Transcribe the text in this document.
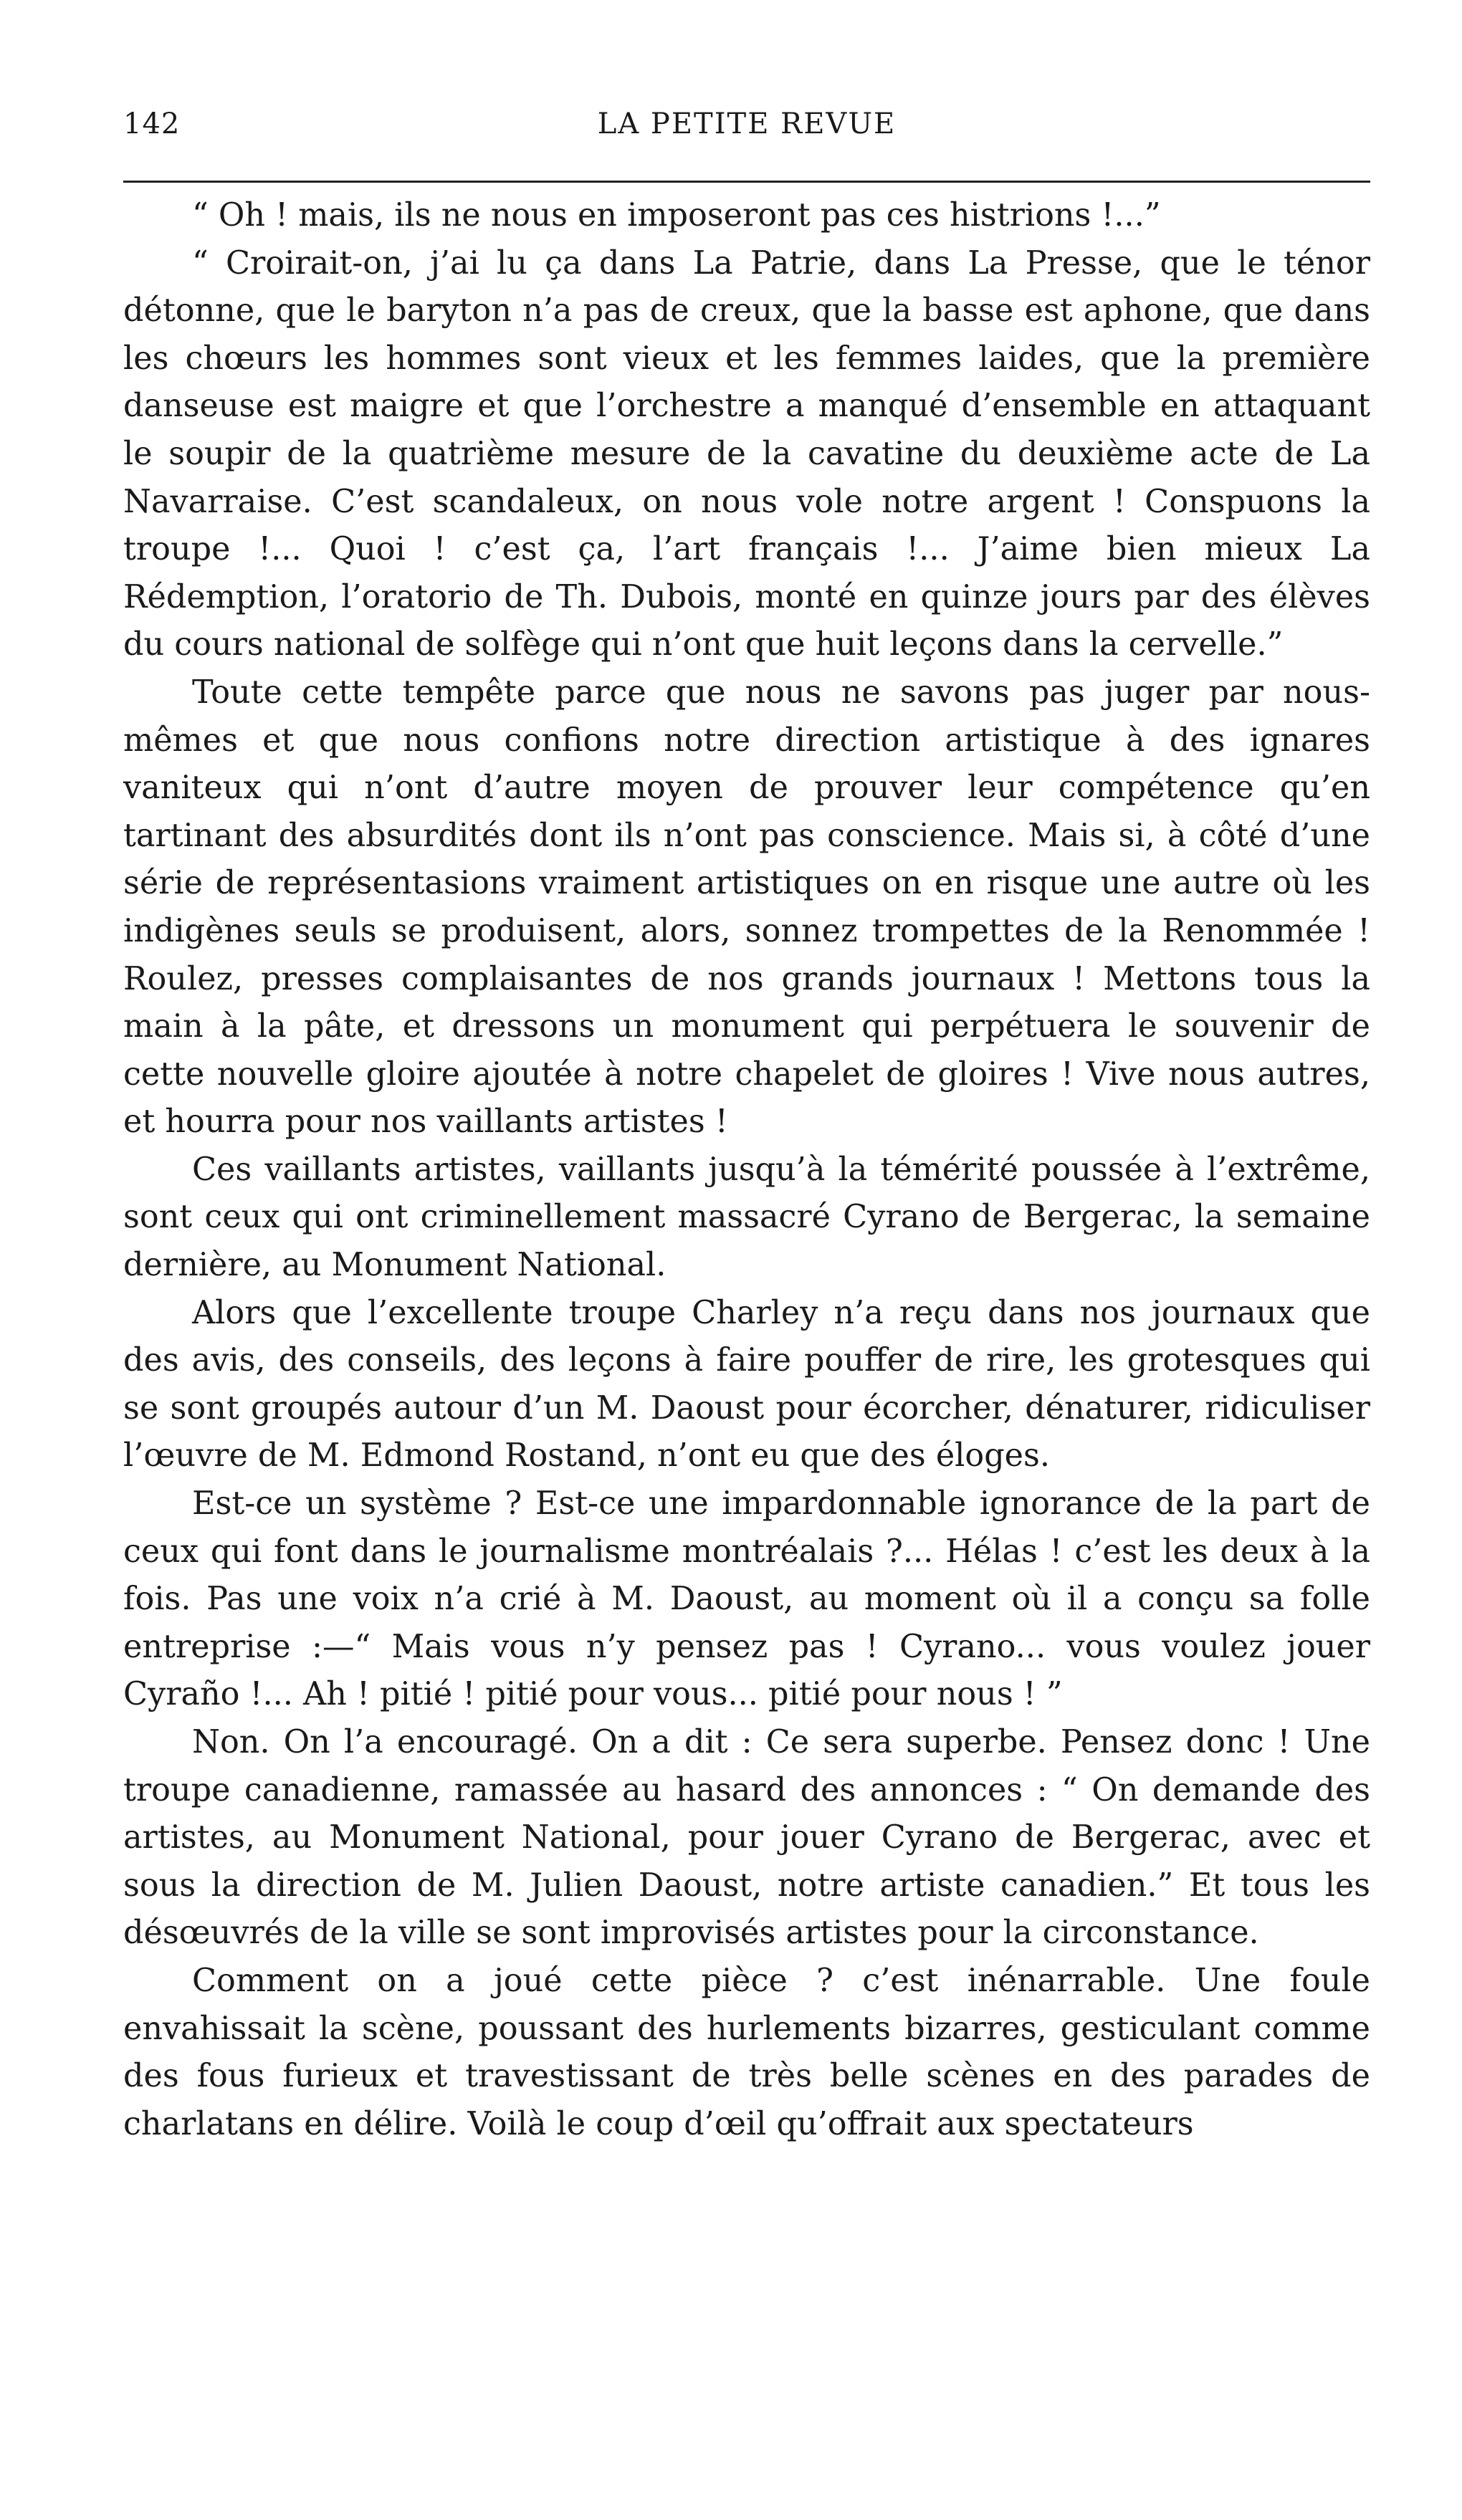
142	LA PETITE REVUE

“ Oh ! mais, ils ne nous en imposeront pas ces histrions !...”

“ Croirait-on, j’ai lu ça dans La Patrie, dans La Presse, que le ténor détonne, que le baryton n’a pas de creux, que la basse est aphone, que dans les chœurs les hommes sont vieux et les femmes laides, que la première danseuse est maigre et que l’orchestre a manqué d’ensemble en attaquant le soupir de la quatrième mesure de la cavatine du deuxième acte de La Navarraise. C’est scandaleux, on nous vole notre argent ! Conspuons la troupe !... Quoi ! c’est ça, l’art français !... J’aime bien mieux La Rédemption, l’oratorio de Th. Dubois, monté en quinze jours par des élèves du cours national de solfège qui n’ont que huit leçons dans la cervelle.”

Toute cette tempête parce que nous ne savons pas juger par nous-mêmes et que nous confions notre direction artistique à des ignares vaniteux qui n’ont d’autre moyen de prouver leur compétence qu’en tartinant des absurdités dont ils n’ont pas conscience. Mais si, à côté d’une série de représentasions vraiment artistiques on en risque une autre où les indigènes seuls se produisent, alors, sonnez trompettes de la Renommée ! Roulez, presses complaisantes de nos grands journaux ! Mettons tous la main à la pâte, et dressons un monument qui perpétuera le souvenir de cette nouvelle gloire ajoutée à notre chapelet de gloires ! Vive nous autres, et hourra pour nos vaillants artistes !

Ces vaillants artistes, vaillants jusqu’à la témérité poussée à l’extrême, sont ceux qui ont criminellement massacré Cyrano de Bergerac, la semaine dernière, au Monument National.

Alors que l’excellente troupe Charley n’a reçu dans nos journaux que des avis, des conseils, des leçons à faire pouffer de rire, les grotesques qui se sont groupés autour d’un M. Daoust pour écorcher, dénaturer, ridiculiser l’œuvre de M. Edmond Rostand, n’ont eu que des éloges.

Est-ce un système ? Est-ce une impardonnable ignorance de la part de ceux qui font dans le journalisme montréalais ?... Hélas ! c’est les deux à la fois. Pas une voix n’a crié à M. Daoust, au moment où il a conçu sa folle entreprise :—“ Mais vous n’y pensez pas ! Cyrano... vous voulez jouer Cyraño !... Ah ! pitié ! pitié pour vous... pitié pour nous ! ”

Non. On l’a encouragé. On a dit : Ce sera superbe. Pensez donc ! Une troupe canadienne, ramassée au hasard des annonces : “ On demande des artistes, au Monument National, pour jouer Cyrano de Bergerac, avec et sous la direction de M. Julien Daoust, notre artiste canadien.” Et tous les désœuvrés de la ville se sont improvisés artistes pour la circonstance.

Comment on a joué cette pièce ? c’est inénarrable. Une foule envahissait la scène, poussant des hurlements bizarres, gesticulant comme des fous furieux et travestissant de très belle scènes en des parades de charlatans en délire. Voilà le coup d’œil qu’offrait aux spectateurs
